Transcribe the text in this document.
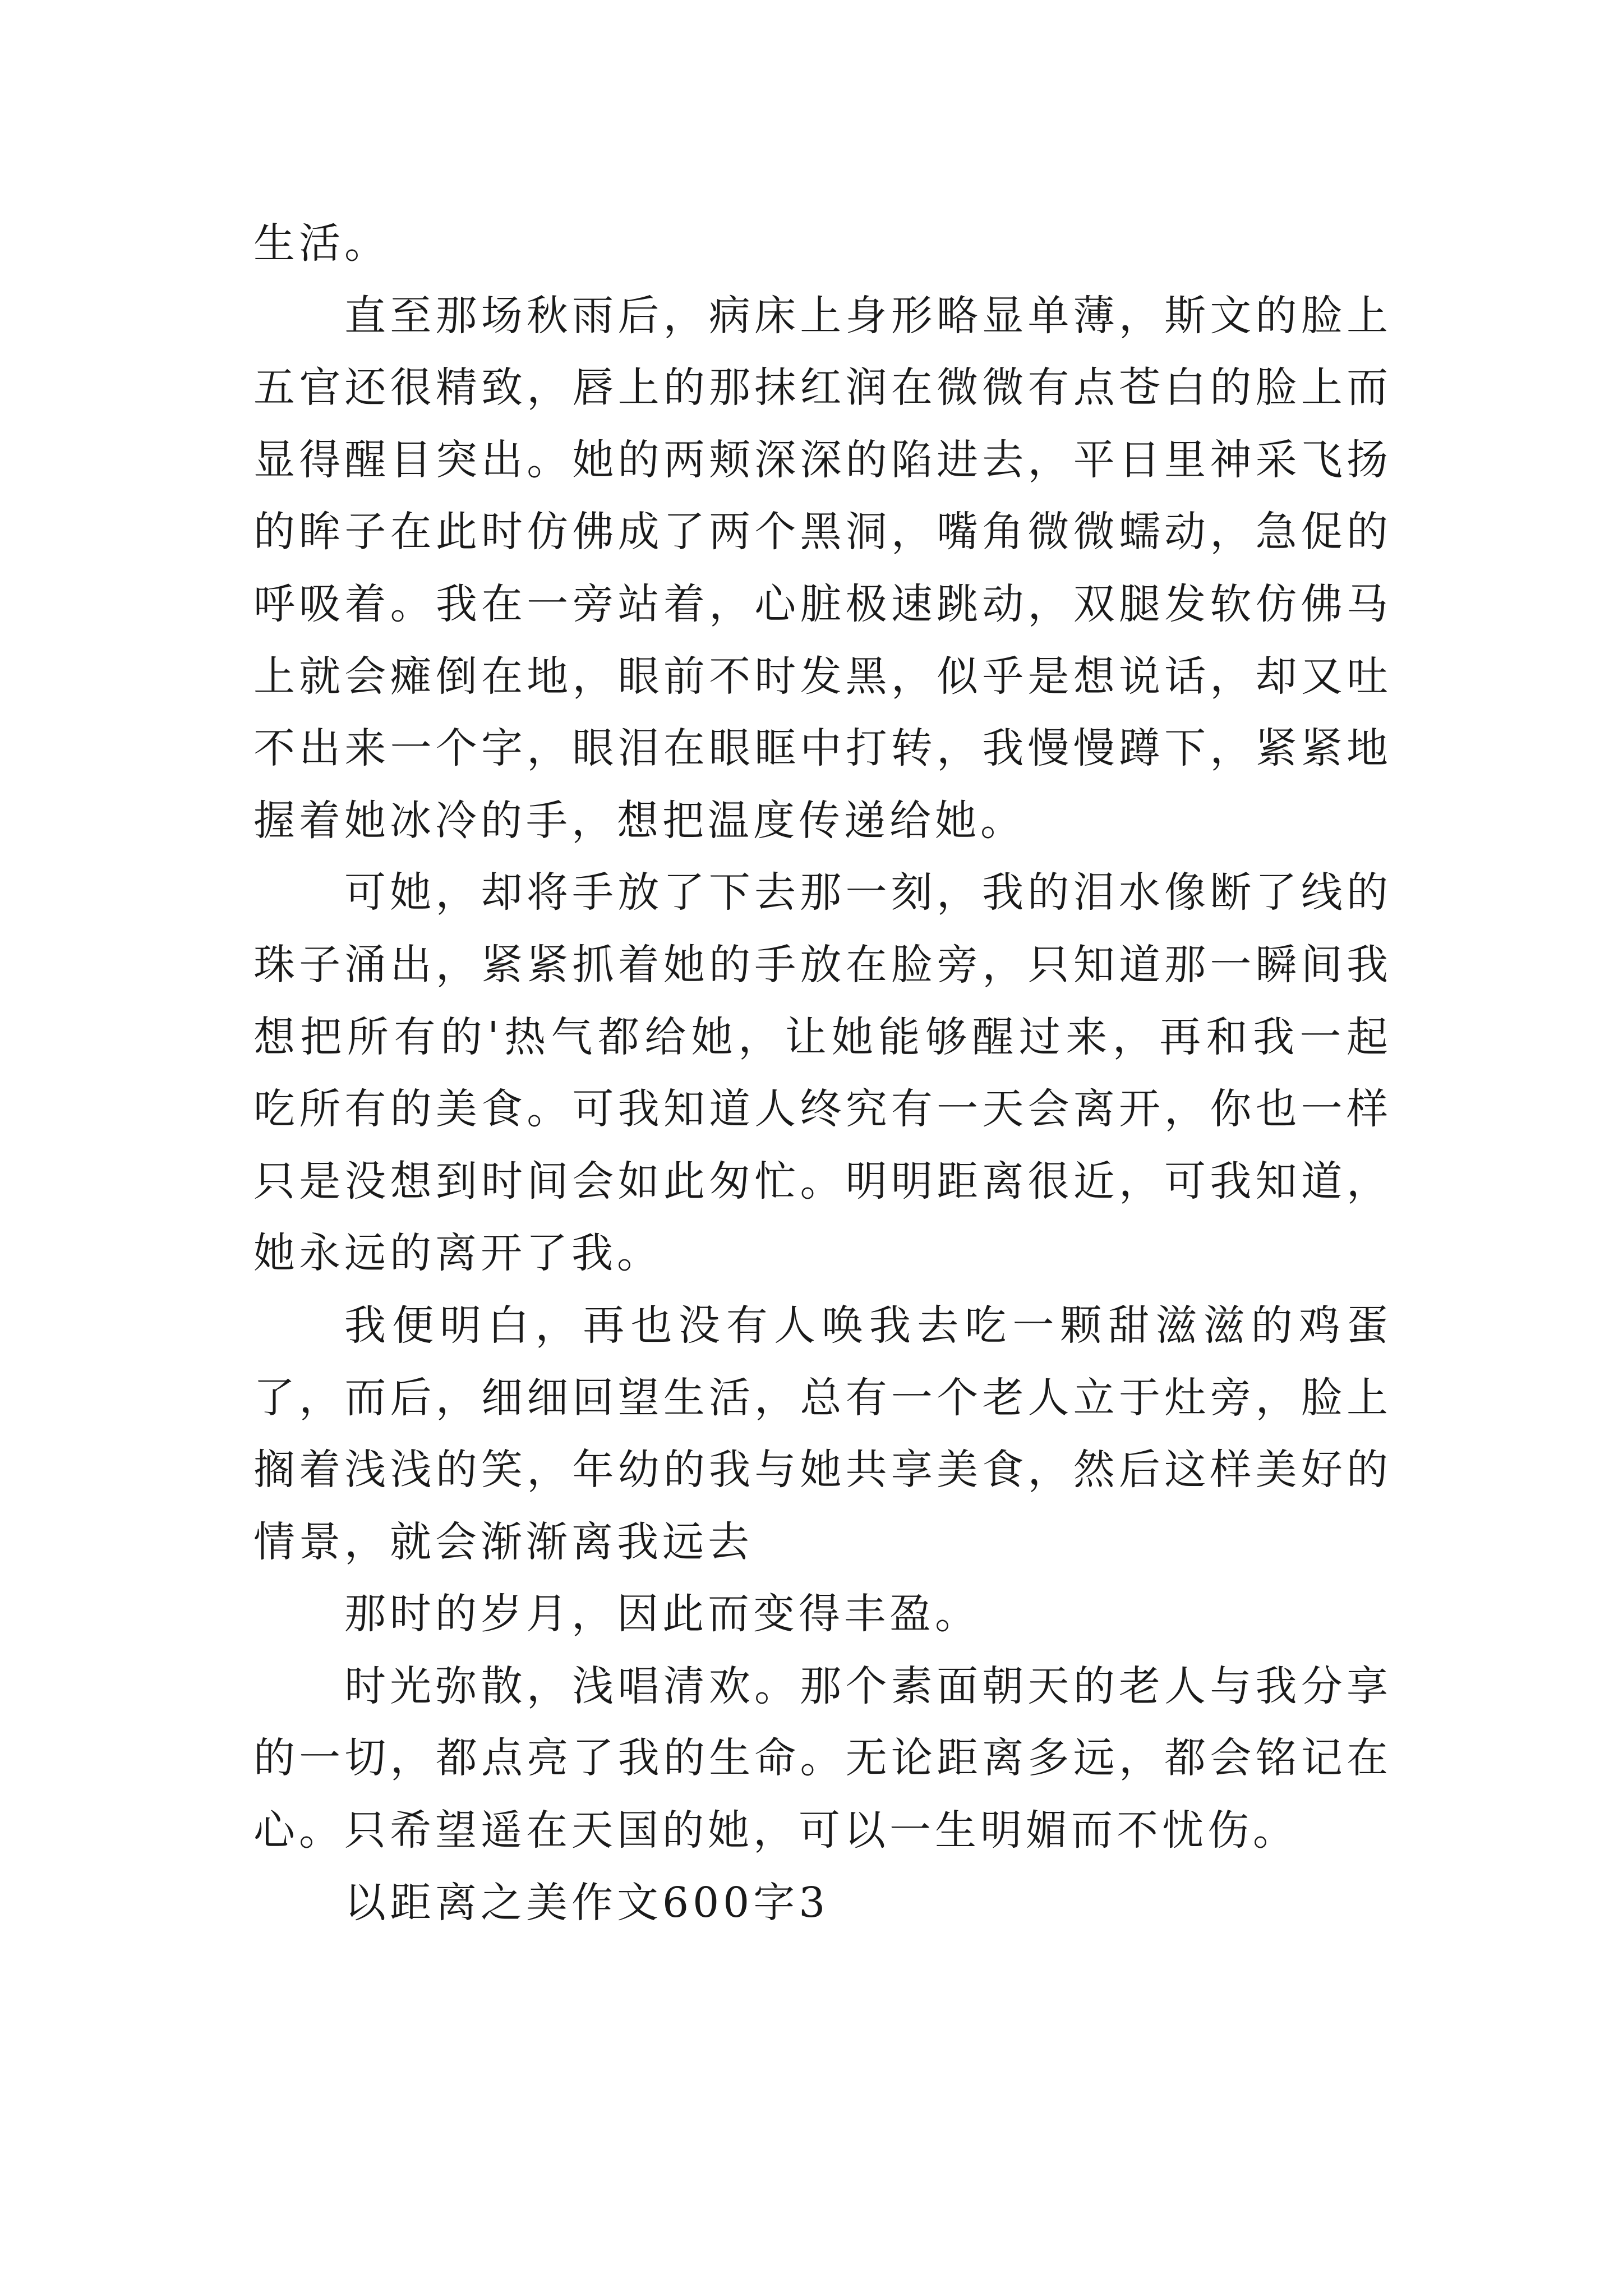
生活。

直至那场秋雨后，病床上身形略显单薄，斯文的脸上五官还很精致，唇上的那抹红润在微微有点苍白的脸上而显得醒目突出。她的两颊深深的陷进去，平日里神采飞扬的眸子在此时仿佛成了两个黑洞，嘴角微微蠕动，急促的呼吸着。我在一旁站着，心脏极速跳动，双腿发软仿佛马上就会瘫倒在地，眼前不时发黑，似乎是想说话，却又吐不出来一个字，眼泪在眼眶中打转，我慢慢蹲下，紧紧地握着她冰冷的手，想把温度传递给她。

可她，却将手放了下去那一刻，我的泪水像断了线的珠子涌出，紧紧抓着她的手放在脸旁，只知道那一瞬间我想把所有的'热气都给她，让她能够醒过来，再和我一起吃所有的美食。可我知道人终究有一天会离开，你也一样只是没想到时间会如此匆忙。明明距离很近，可我知道，她永远的离开了我。

我便明白，再也没有人唤我去吃一颗甜滋滋的鸡蛋了，而后，细细回望生活，总有一个老人立于灶旁，脸上搁着浅浅的笑，年幼的我与她共享美食，然后这样美好的情景，就会渐渐离我远去

那时的岁月，因此而变得丰盈。

时光弥散，浅唱清欢。那个素面朝天的老人与我分享的一切，都点亮了我的生命。无论距离多远，都会铭记在心。只希望遥在天国的她，可以一生明媚而不忧伤。

以距离之美作文600字3
